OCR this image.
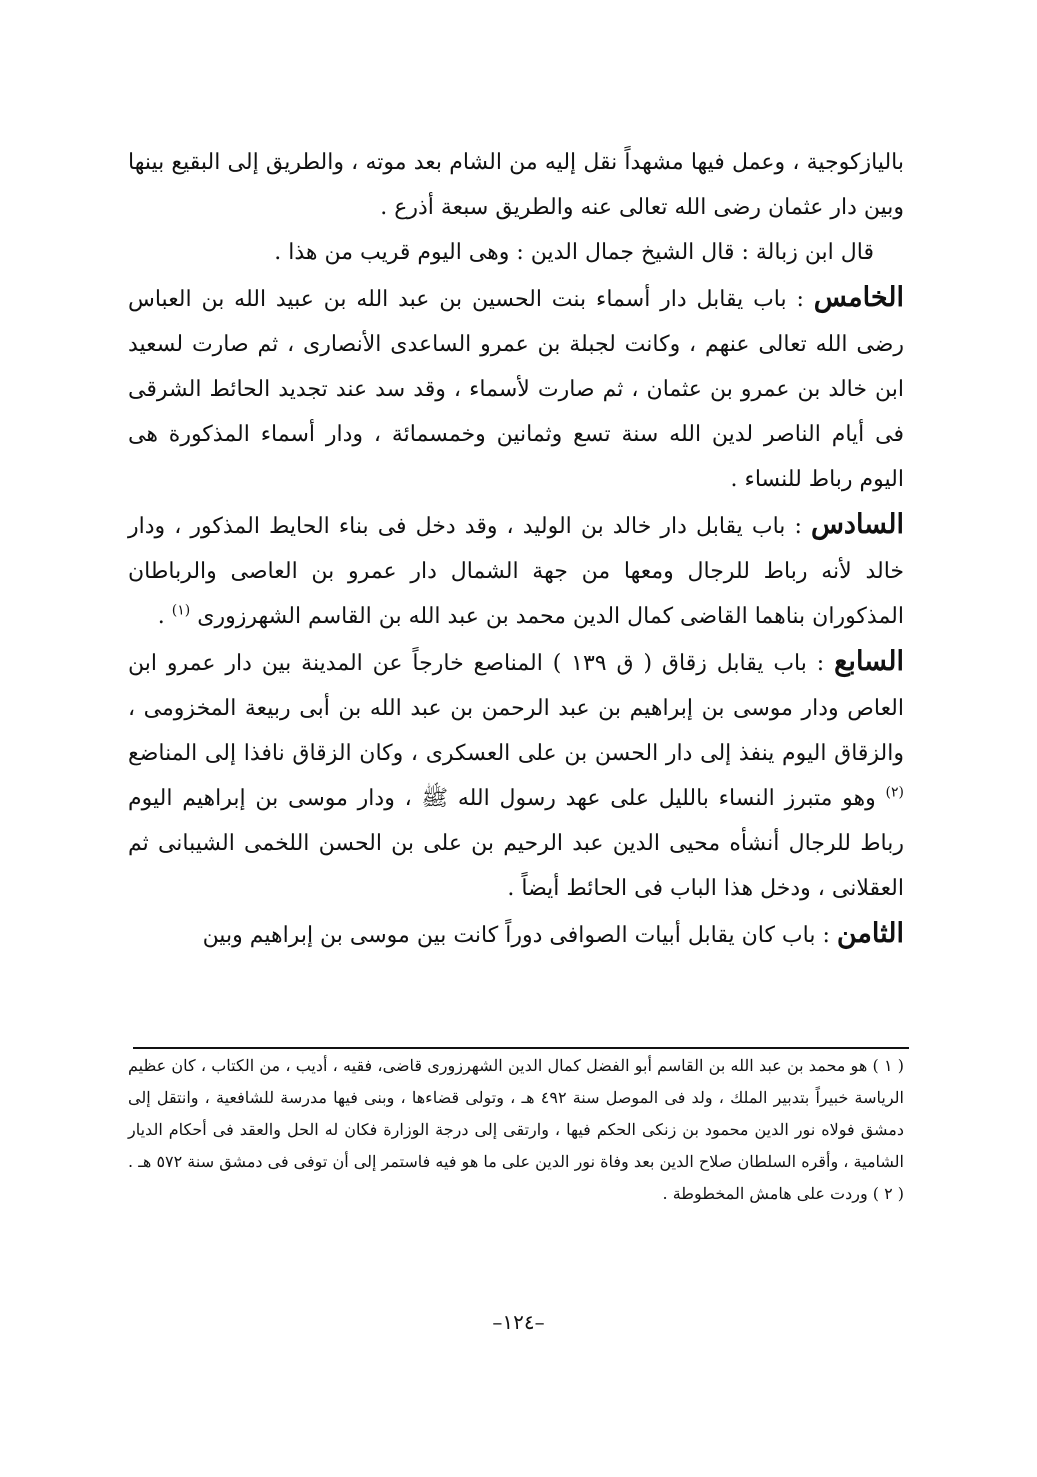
باليازكوجية ، وعمل فيها مشهداً نقل إليه من الشام بعد موته ، والطريق إلى البقيع بينها وبين دار عثمان رضى الله تعالى عنه والطريق سبعة أذرع .

قال ابن زبالة : قال الشيخ جمال الدين : وهى اليوم قريب من هذا .

الخامس : باب يقابل دار أسماء بنت الحسين بن عبد الله بن عبيد الله بن العباس رضى الله تعالى عنهم ، وكانت لجبلة بن عمرو الساعدى الأنصارى ، ثم صارت لسعيد ابن خالد بن عمرو بن عثمان ، ثم صارت لأسماء ، وقد سد عند تجديد الحائط الشرقى فى أيام الناصر لدين الله سنة تسع وثمانين وخمسمائة ، ودار أسماء المذكورة هى اليوم رباط للنساء .

السادس : باب يقابل دار خالد بن الوليد ، وقد دخل فى بناء الحايط المذكور ، ودار خالد لأنه رباط للرجال ومعها من جهة الشمال دار عمرو بن العاصى والرباطان المذكوران بناهما القاضى كمال الدين محمد بن عبد الله بن القاسم الشهرزورى $^{(١)}$ .

السابع : باب يقابل زقاق ( ق ١٣٩ ) المناصع خارجاً عن المدينة بين دار عمرو ابن العاص ودار موسى بن إبراهيم بن عبد الرحمن بن عبد الله بن أبى ربيعة المخزومى ، والزقاق اليوم ينفذ إلى دار الحسن بن على العسكرى ، وكان الزقاق نافذا إلى المناضع $^{(٢)}$ وهو متبرز النساء بالليل على عهد رسول الله ﷺ ، ودار موسى بن إبراهيم اليوم رباط للرجال أنشأه محيى الدين عبد الرحيم بن على بن الحسن اللخمى الشيبانى ثم العقلانى ، ودخل هذا الباب فى الحائط أيضاً .

الثامن : باب كان يقابل أبيات الصوافى دوراً كانت بين موسى بن إبراهيم وبين

( ١ ) هو محمد بن عبد الله بن القاسم أبو الفضل كمال الدين الشهرزورى قاضى، فقيه ، أديب ، من الكتاب ، كان عظيم الرياسة خبيراً بتدبير الملك ، ولد فى الموصل سنة ٤٩٢ هـ ، وتولى قضاءها ، وبنى فيها مدرسة للشافعية ، وانتقل إلى دمشق فولاه نور الدين محمود بن زنكى الحكم فيها ، وارتقى إلى درجة الوزارة فكان له الحل والعقد فى أحكام الديار الشامية ، وأقره السلطان صلاح الدين بعد وفاة نور الدين على ما هو فيه فاستمر إلى أن توفى فى دمشق سنة ٥٧٢ هـ .

( ٢ ) وردت على هامش المخطوطة .

–١٢٤–
